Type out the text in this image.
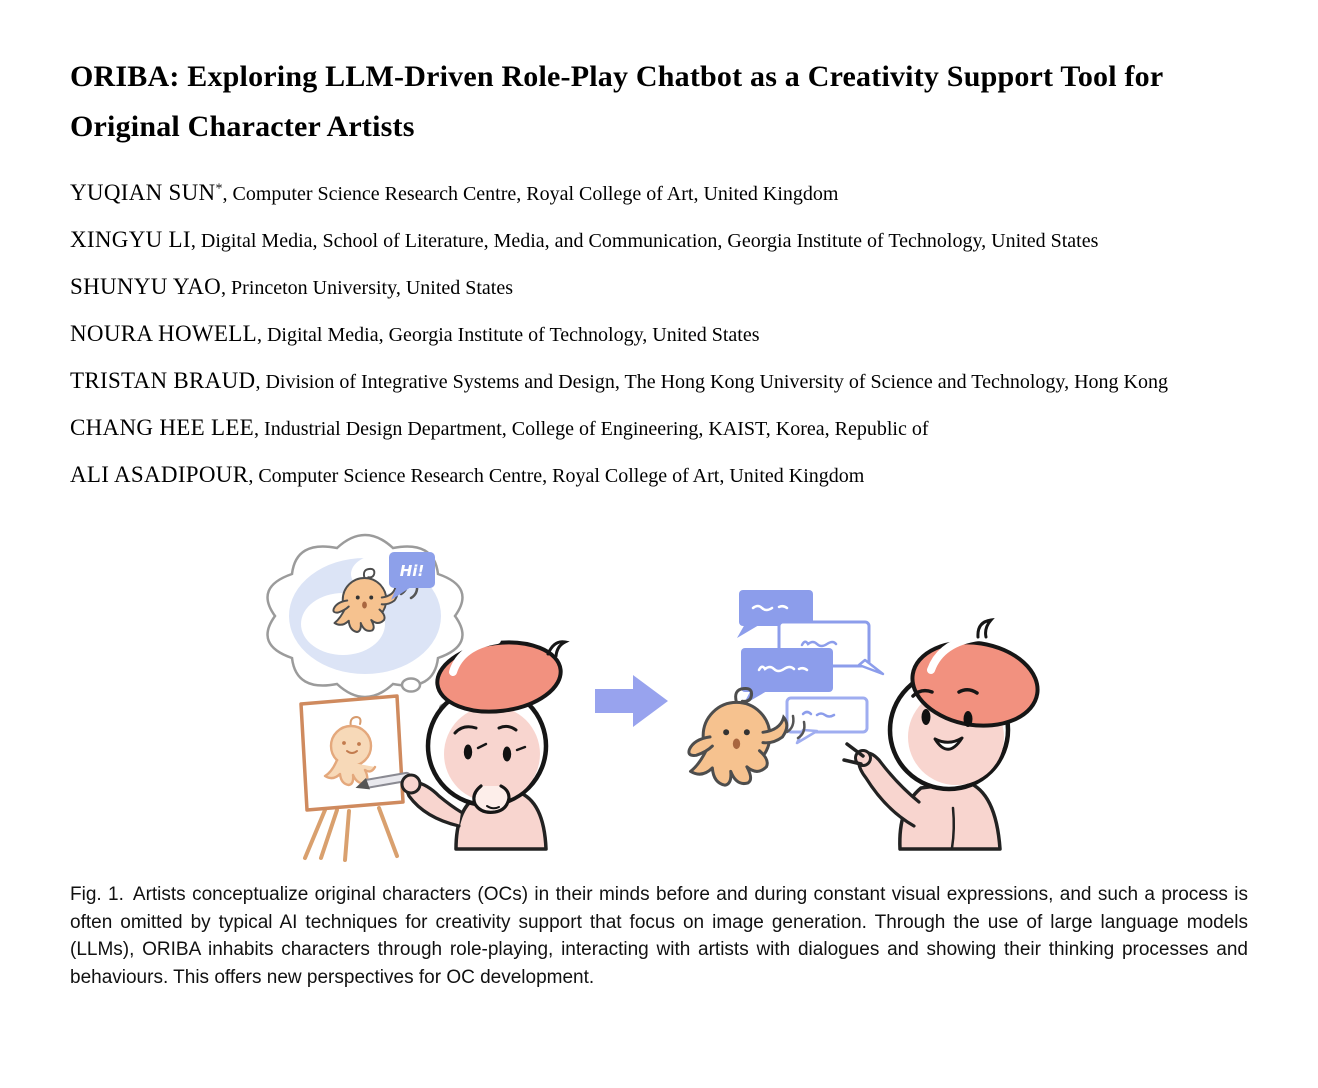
ORIBA: Exploring LLM-Driven Role-Play Chatbot as a Creativity Support Tool for Original Character Artists

YUQIAN SUN*, Computer Science Research Centre, Royal College of Art, United Kingdom

XINGYU LI, Digital Media, School of Literature, Media, and Communication, Georgia Institute of Technology, United States

SHUNYU YAO, Princeton University, United States

NOURA HOWELL, Digital Media, Georgia Institute of Technology, United States

TRISTAN BRAUD, Division of Integrative Systems and Design, The Hong Kong University of Science and Technology, Hong Kong

CHANG HEE LEE, Industrial Design Department, College of Engineering, KAIST, Korea, Republic of

ALI ASADIPOUR, Computer Science Research Centre, Royal College of Art, United Kingdom

Hi!
Fig. 1. Artists conceptualize original characters (OCs) in their minds before and during constant visual expressions, and such a process is often omitted by typical AI techniques for creativity support that focus on image generation. Through the use of large language models (LLMs), ORIBA inhabits characters through role-playing, interacting with artists with dialogues and showing their thinking processes and behaviours. This offers new perspectives for OC development.
